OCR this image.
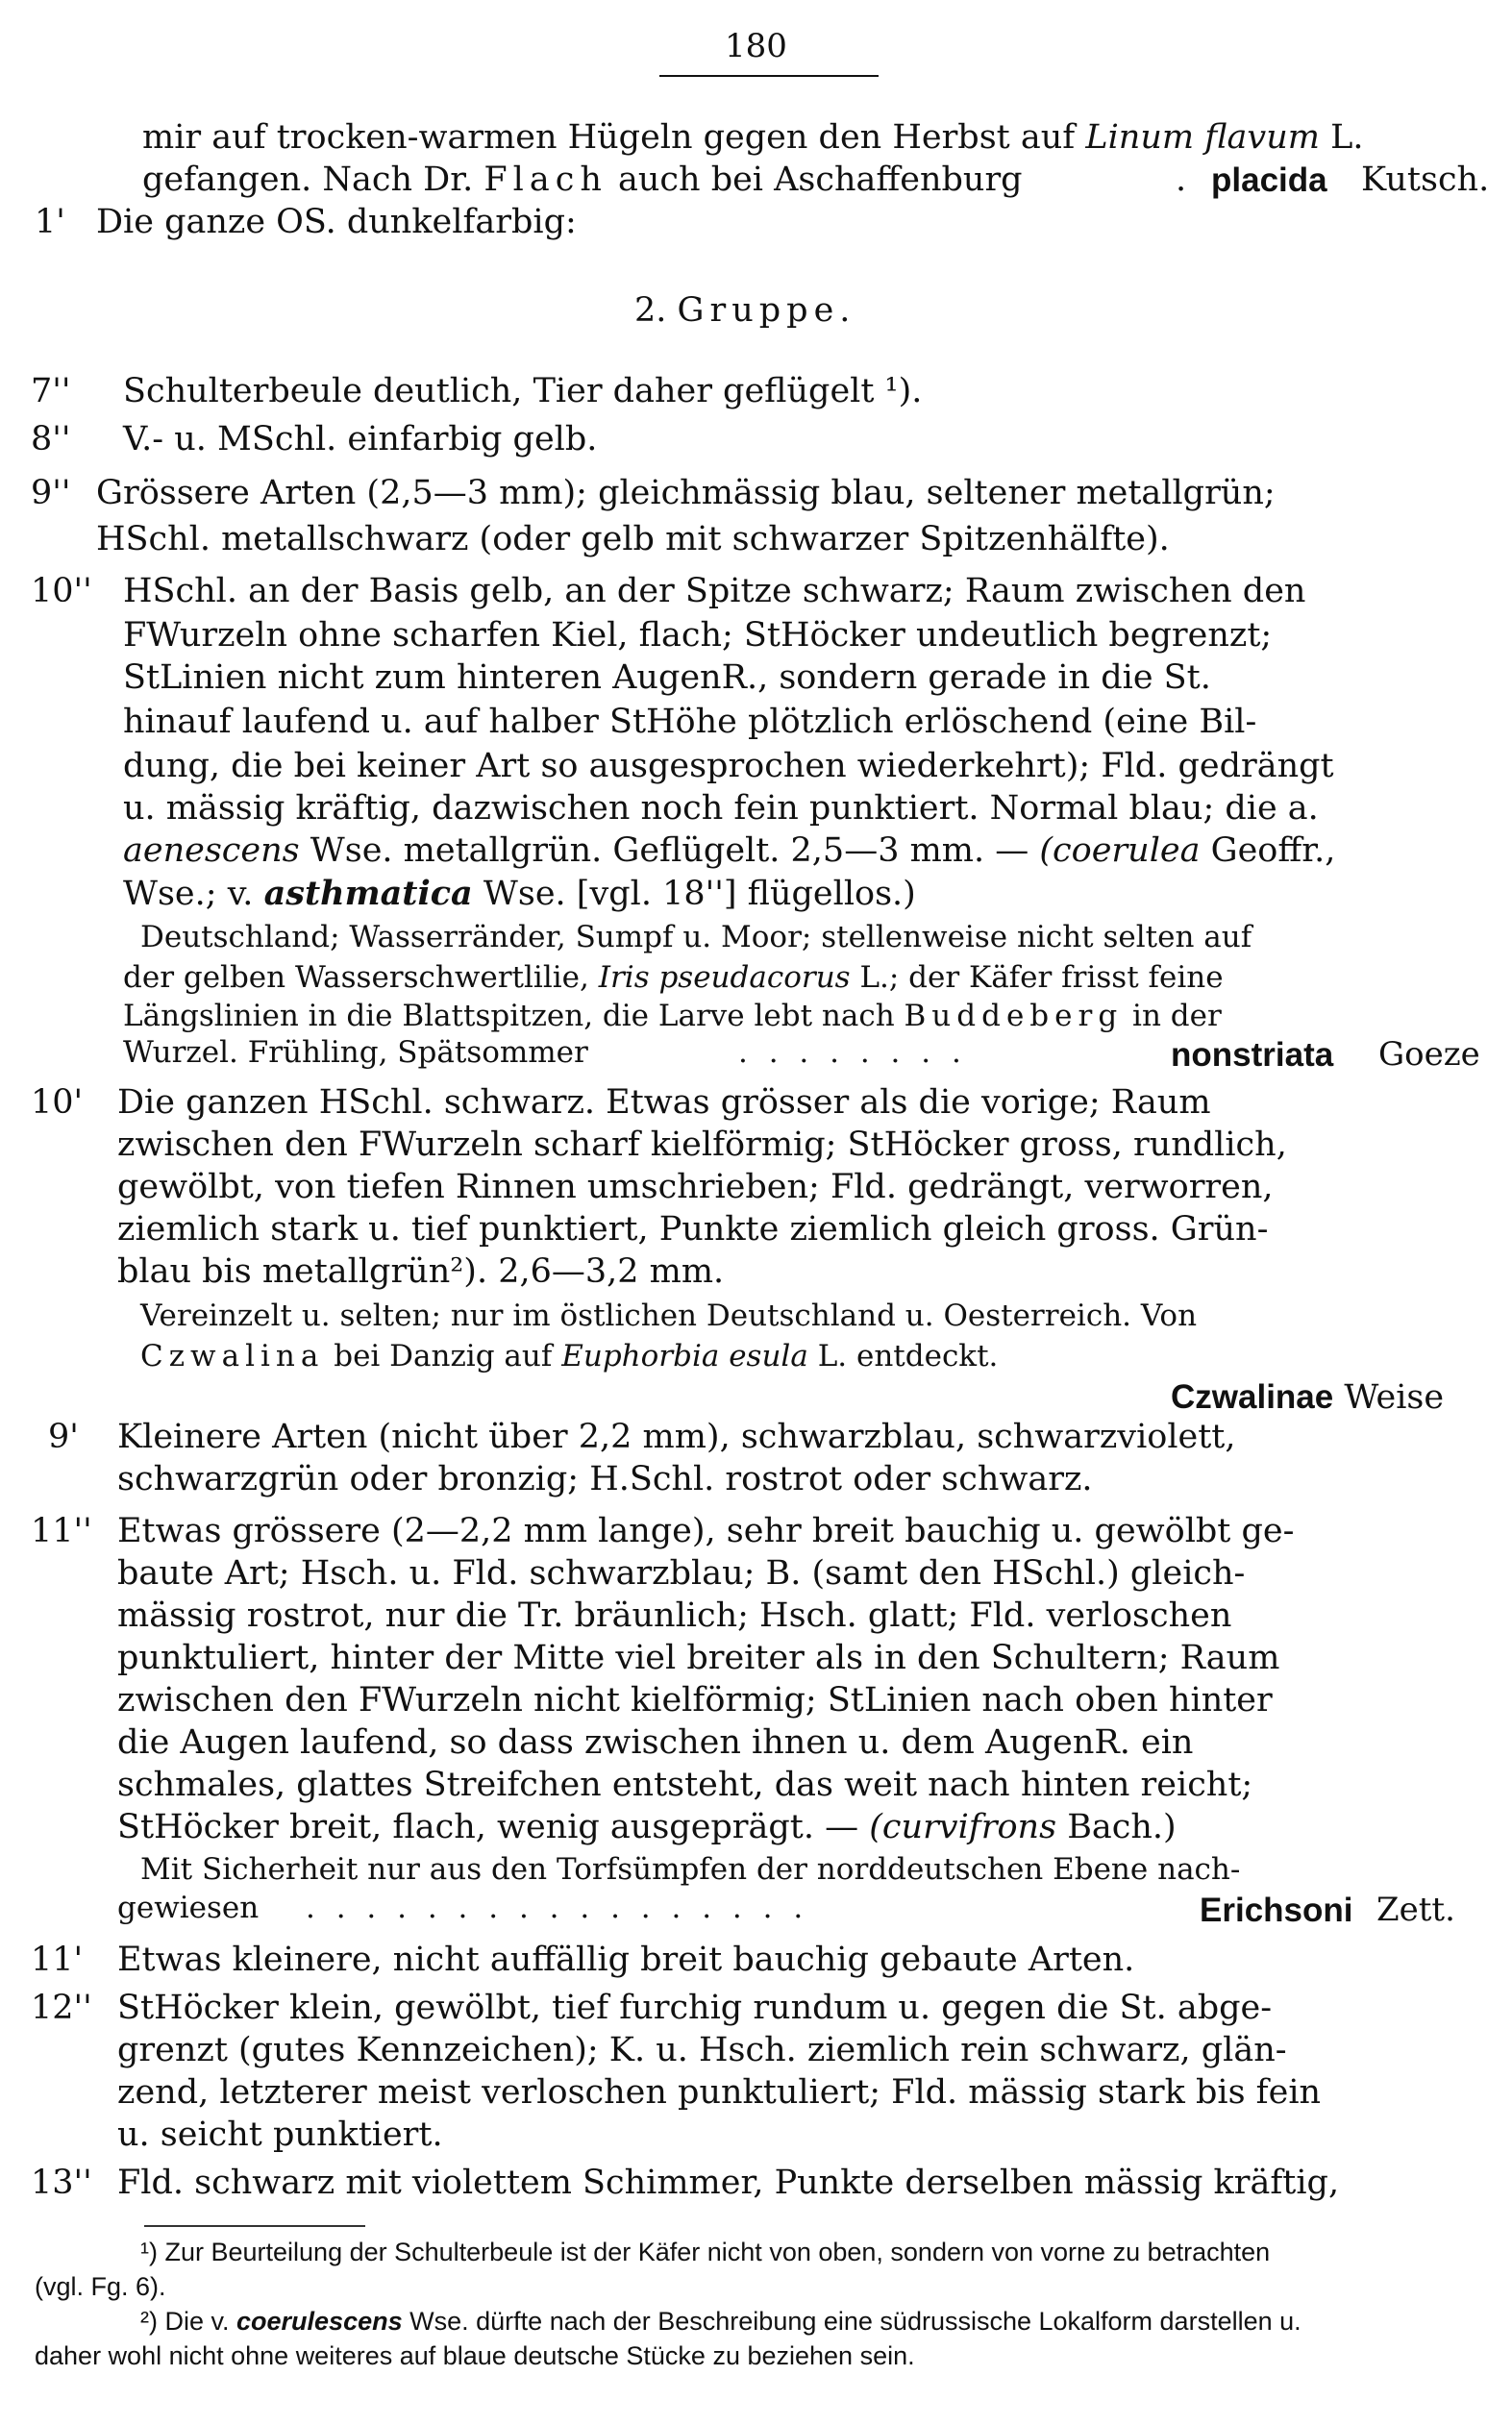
180
mir auf trocken-warmen Hügeln gegen den Herbst auf Linum flavum L.
gefangen. Nach Dr. Flach auch bei Aschaffenburg	. placida Kutsch.
1' Die ganze OS. dunkelfarbig:
2. Gruppe.
7'' Schulterbeule deutlich, Tier daher geflügelt ¹).
8'' V.- u. MSchl. einfarbig gelb.
9'' Grössere Arten (2,5—3 mm); gleichmässig blau, seltener metallgrün;
HSchl. metallschwarz (oder gelb mit schwarzer Spitzenhälfte).
10'' HSchl. an der Basis gelb, an der Spitze schwarz; Raum zwischen den
FWurzeln ohne scharfen Kiel, flach; StHöcker undeutlich begrenzt;
StLinien nicht zum hinteren AugenR., sondern gerade in die St.
hinauf laufend u. auf halber StHöhe plötzlich erlöschend (eine Bil-
dung, die bei keiner Art so ausgesprochen wiederkehrt); Fld. gedrängt
u. mässig kräftig, dazwischen noch fein punktiert. Normal blau; die a.
aenescens Wse. metallgrün. Geflügelt. 2,5—3 mm. — (coerulea Geoffr.,
Wse.; v. asthmatica Wse. [vgl. 18''] flügellos.)
Deutschland; Wasserränder, Sumpf u. Moor; stellenweise nicht selten auf
der gelben Wasserschwertlilie, Iris pseudacorus L.; der Käfer frisst feine
Längslinien in die Blattspitzen, die Larve lebt nach Buddeberg in der
Wurzel. Frühling, Spätsommer	. . . . . . . .	nonstriata Goeze
10' Die ganzen HSchl. schwarz. Etwas grösser als die vorige; Raum
zwischen den FWurzeln scharf kielförmig; StHöcker gross, rundlich,
gewölbt, von tiefen Rinnen umschrieben; Fld. gedrängt, verworren,
ziemlich stark u. tief punktiert, Punkte ziemlich gleich gross. Grün-
blau bis metallgrün²). 2,6—3,2 mm.
Vereinzelt u. selten; nur im östlichen Deutschland u. Oesterreich. Von
Czwalina bei Danzig auf Euphorbia esula L. entdeckt.
Czwalinae Weise
9' Kleinere Arten (nicht über 2,2 mm), schwarzblau, schwarzviolett,
schwarzgrün oder bronzig; H.Schl. rostrot oder schwarz.
11'' Etwas grössere (2—2,2 mm lange), sehr breit bauchig u. gewölbt ge-
baute Art; Hsch. u. Fld. schwarzblau; B. (samt den HSchl.) gleich-
mässig rostrot, nur die Tr. bräunlich; Hsch. glatt; Fld. verloschen
punktuliert, hinter der Mitte viel breiter als in den Schultern; Raum
zwischen den FWurzeln nicht kielförmig; StLinien nach oben hinter
die Augen laufend, so dass zwischen ihnen u. dem AugenR. ein
schmales, glattes Streifchen entsteht, das weit nach hinten reicht;
StHöcker breit, flach, wenig ausgeprägt. — (curvifrons Bach.)
Mit Sicherheit nur aus den Torfsümpfen der norddeutschen Ebene nach-
gewiesen . . . . . . . . . . . . . . . . .	Erichsoni Zett.
11' Etwas kleinere, nicht auffällig breit bauchig gebaute Arten.
12'' StHöcker klein, gewölbt, tief furchig rundum u. gegen die St. abge-
grenzt (gutes Kennzeichen); K. u. Hsch. ziemlich rein schwarz, glän-
zend, letzterer meist verloschen punktuliert; Fld. mässig stark bis fein
u. seicht punktiert.
13'' Fld. schwarz mit violettem Schimmer, Punkte derselben mässig kräftig,
¹) Zur Beurteilung der Schulterbeule ist der Käfer nicht von oben, sondern von vorne zu betrachten
(vgl. Fg. 6).
²) Die v. coerulescens Wse. dürfte nach der Beschreibung eine südrussische Lokalform darstellen u.
daher wohl nicht ohne weiteres auf blaue deutsche Stücke zu beziehen sein.
